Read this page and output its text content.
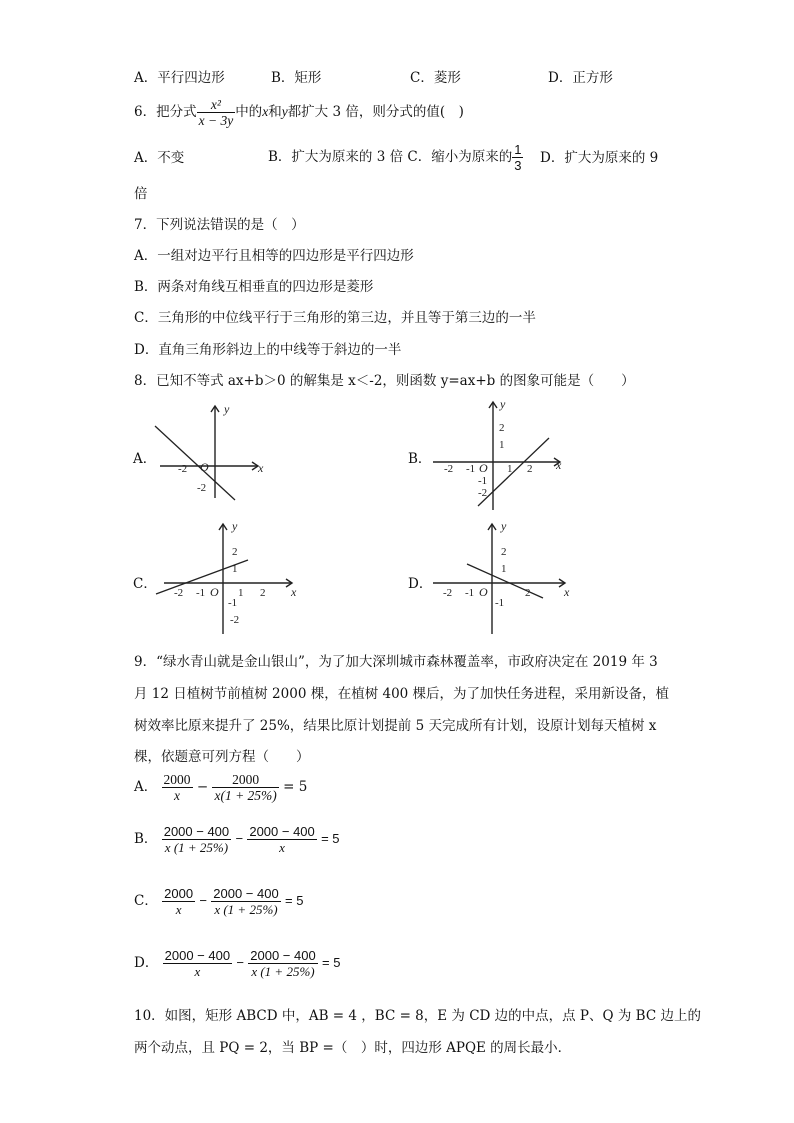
A．平行四边形	B．矩形	C．菱形	D．正方形
6．把分式 $\frac{\text{x²}}{x - 3y}$ 中的x和y都扩大 3 倍，则分式的值(　)
A．不变	B．扩大为原来的 3 倍 C．缩小为原来的 $\frac{1}{3}$ D．扩大为原来的 9
倍
7．下列说法错误的是（　）
A．一组对边平行且相等的四边形是平行四边形
B．两条对角线互相垂直的四边形是菱形
C．三角形的中位线平行于三角形的第三边，并且等于第三边的一半
D．直角三角形斜边上的中线等于斜边的一半
8．已知不等式 ax+b＞0 的解集是 x＜-2，则函数 y=ax+b 的图象可能是（　　）
A．
y
x
O
-2
-2
B．
y
x
O
2
1
-2 -1	1 2
-1
-2
C．
y
x
O
2
1
-2 -1
-1
1 2
-2
D．
y
x
O
2
1
-2 -1
-1
2
9．“绿水青山就是金山银山”，为了加大深圳城市森林覆盖率，市政府决定在 2019 年 3
月 12 日植树节前植树 2000 棵，在植树 400 棵后，为了加快任务进程，采用新设备，植
树效率比原来提升了 25%，结果比原计划提前 5 天完成所有计划，设原计划每天植树 x
棵，依题意可列方程（　　）
A． $\frac{2000}{x} - \frac{2000}{x(1 + 25\%)} = 5$
B． $\frac{2000 - 400}{x (1 + 25\%)} - \frac{2000 - 400}{x} = 5$
C． $\frac{2000}{x} - \frac{2000 - 400}{x (1 + 25\%)} = 5$
D． $\frac{2000 - 400}{x} - \frac{2000 - 400}{x (1 + 25\%)} = 5$
10．如图，矩形 ABCD 中，AB = 4 ，BC = 8，E 为 CD 边的中点，点 P、Q 为 BC 边上的
两个动点，且 PQ = 2，当 BP =（　）时，四边形 APQE 的周长最小．
